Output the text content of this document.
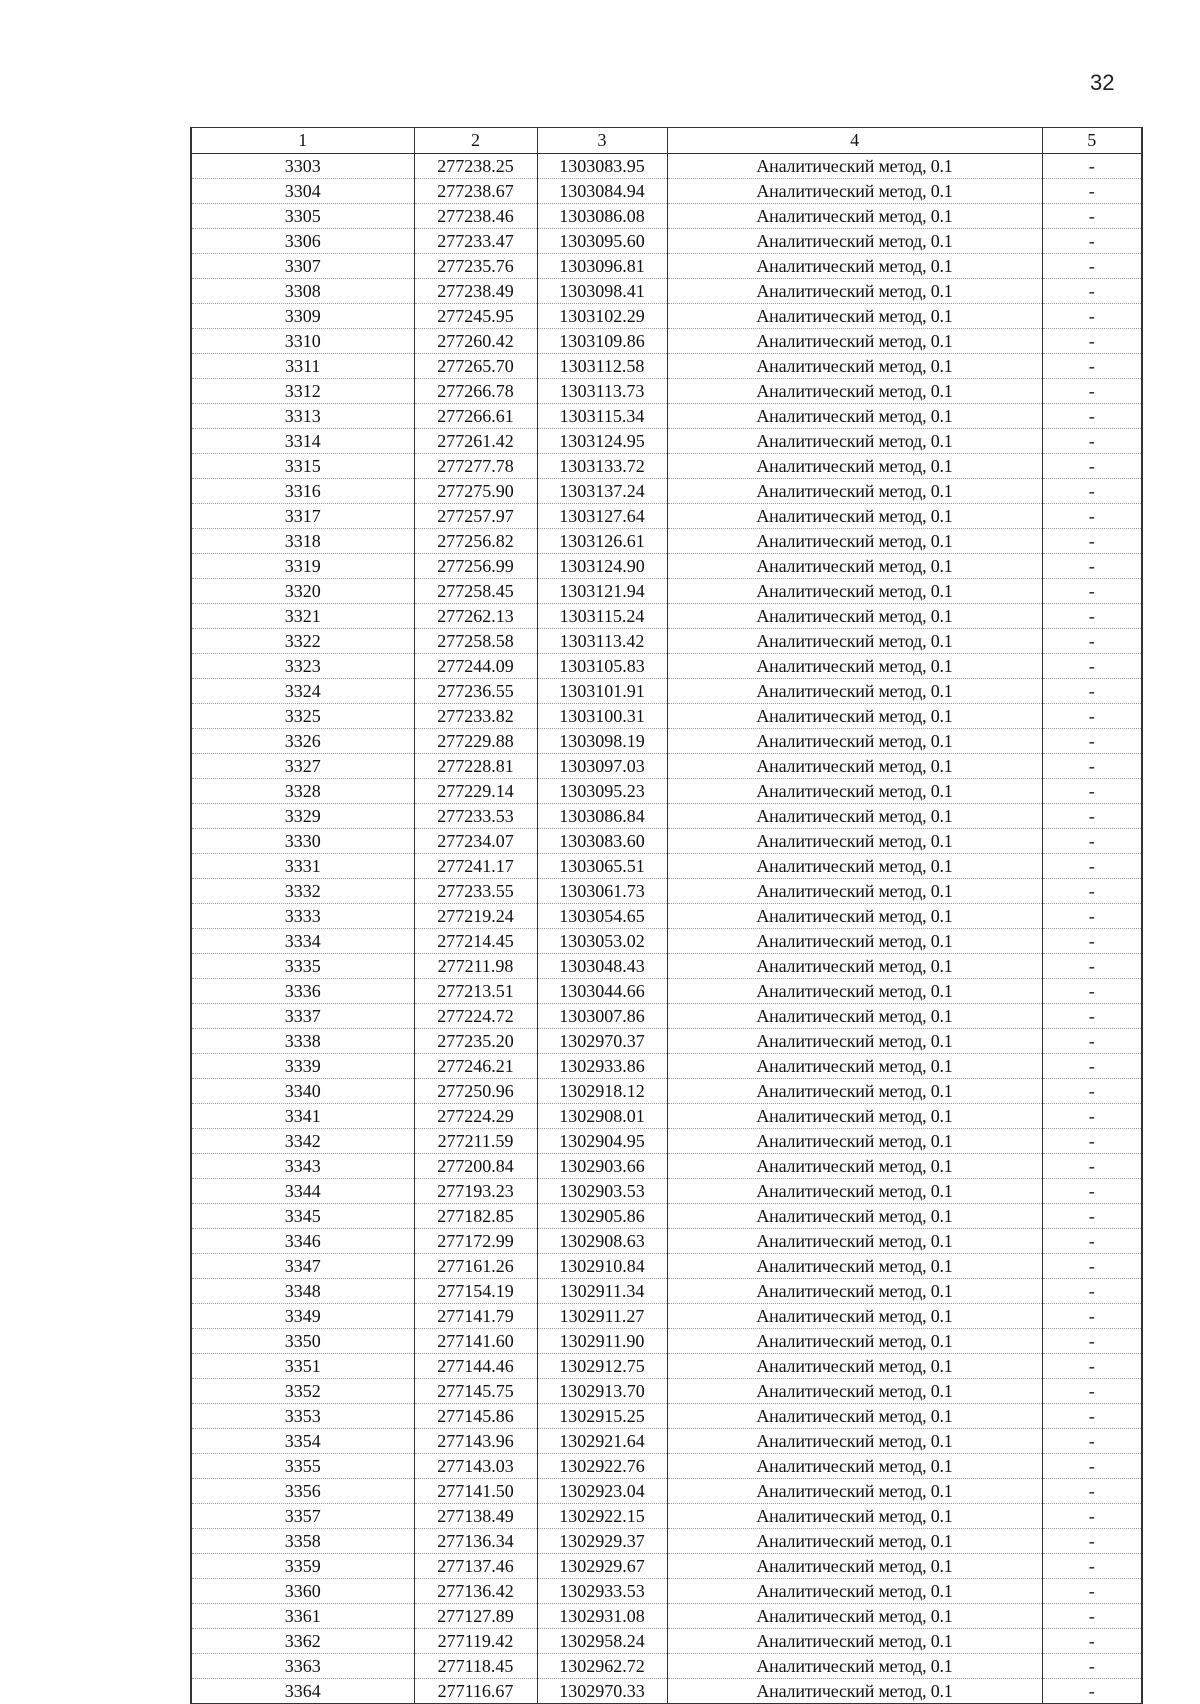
32
1	2	3	4	5
3303	277238.25	1303083.95	Аналитический метод, 0.1	-
3304	277238.67	1303084.94	Аналитический метод, 0.1	-
3305	277238.46	1303086.08	Аналитический метод, 0.1	-
3306	277233.47	1303095.60	Аналитический метод, 0.1	-
3307	277235.76	1303096.81	Аналитический метод, 0.1	-
3308	277238.49	1303098.41	Аналитический метод, 0.1	-
3309	277245.95	1303102.29	Аналитический метод, 0.1	-
3310	277260.42	1303109.86	Аналитический метод, 0.1	-
3311	277265.70	1303112.58	Аналитический метод, 0.1	-
3312	277266.78	1303113.73	Аналитический метод, 0.1	-
3313	277266.61	1303115.34	Аналитический метод, 0.1	-
3314	277261.42	1303124.95	Аналитический метод, 0.1	-
3315	277277.78	1303133.72	Аналитический метод, 0.1	-
3316	277275.90	1303137.24	Аналитический метод, 0.1	-
3317	277257.97	1303127.64	Аналитический метод, 0.1	-
3318	277256.82	1303126.61	Аналитический метод, 0.1	-
3319	277256.99	1303124.90	Аналитический метод, 0.1	-
3320	277258.45	1303121.94	Аналитический метод, 0.1	-
3321	277262.13	1303115.24	Аналитический метод, 0.1	-
3322	277258.58	1303113.42	Аналитический метод, 0.1	-
3323	277244.09	1303105.83	Аналитический метод, 0.1	-
3324	277236.55	1303101.91	Аналитический метод, 0.1	-
3325	277233.82	1303100.31	Аналитический метод, 0.1	-
3326	277229.88	1303098.19	Аналитический метод, 0.1	-
3327	277228.81	1303097.03	Аналитический метод, 0.1	-
3328	277229.14	1303095.23	Аналитический метод, 0.1	-
3329	277233.53	1303086.84	Аналитический метод, 0.1	-
3330	277234.07	1303083.60	Аналитический метод, 0.1	-
3331	277241.17	1303065.51	Аналитический метод, 0.1	-
3332	277233.55	1303061.73	Аналитический метод, 0.1	-
3333	277219.24	1303054.65	Аналитический метод, 0.1	-
3334	277214.45	1303053.02	Аналитический метод, 0.1	-
3335	277211.98	1303048.43	Аналитический метод, 0.1	-
3336	277213.51	1303044.66	Аналитический метод, 0.1	-
3337	277224.72	1303007.86	Аналитический метод, 0.1	-
3338	277235.20	1302970.37	Аналитический метод, 0.1	-
3339	277246.21	1302933.86	Аналитический метод, 0.1	-
3340	277250.96	1302918.12	Аналитический метод, 0.1	-
3341	277224.29	1302908.01	Аналитический метод, 0.1	-
3342	277211.59	1302904.95	Аналитический метод, 0.1	-
3343	277200.84	1302903.66	Аналитический метод, 0.1	-
3344	277193.23	1302903.53	Аналитический метод, 0.1	-
3345	277182.85	1302905.86	Аналитический метод, 0.1	-
3346	277172.99	1302908.63	Аналитический метод, 0.1	-
3347	277161.26	1302910.84	Аналитический метод, 0.1	-
3348	277154.19	1302911.34	Аналитический метод, 0.1	-
3349	277141.79	1302911.27	Аналитический метод, 0.1	-
3350	277141.60	1302911.90	Аналитический метод, 0.1	-
3351	277144.46	1302912.75	Аналитический метод, 0.1	-
3352	277145.75	1302913.70	Аналитический метод, 0.1	-
3353	277145.86	1302915.25	Аналитический метод, 0.1	-
3354	277143.96	1302921.64	Аналитический метод, 0.1	-
3355	277143.03	1302922.76	Аналитический метод, 0.1	-
3356	277141.50	1302923.04	Аналитический метод, 0.1	-
3357	277138.49	1302922.15	Аналитический метод, 0.1	-
3358	277136.34	1302929.37	Аналитический метод, 0.1	-
3359	277137.46	1302929.67	Аналитический метод, 0.1	-
3360	277136.42	1302933.53	Аналитический метод, 0.1	-
3361	277127.89	1302931.08	Аналитический метод, 0.1	-
3362	277119.42	1302958.24	Аналитический метод, 0.1	-
3363	277118.45	1302962.72	Аналитический метод, 0.1	-
3364	277116.67	1302970.33	Аналитический метод, 0.1	-
